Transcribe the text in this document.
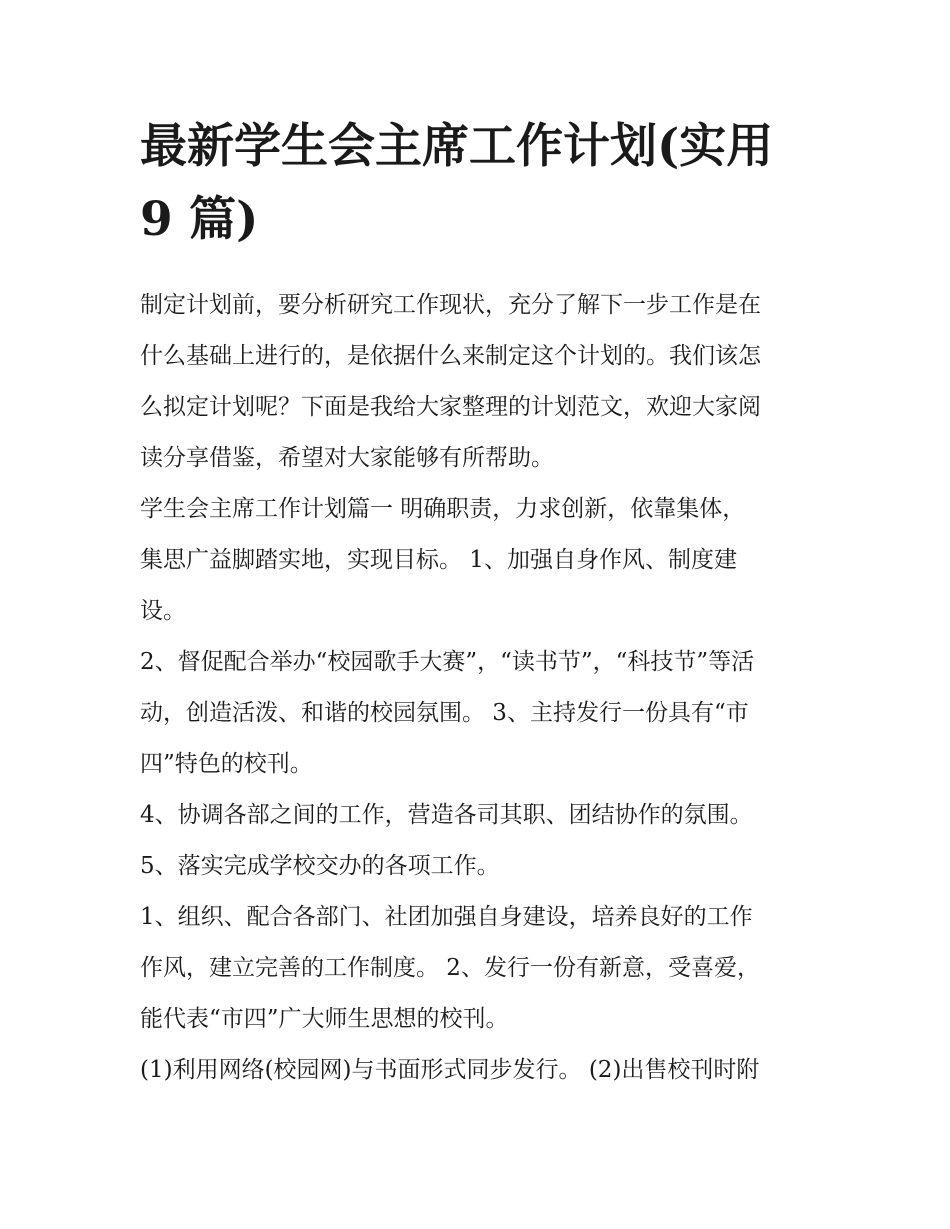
最新学生会主席工作计划(实用
9 篇)
制定计划前，要分析研究工作现状，充分了解下一步工作是在
什么基础上进行的，是依据什么来制定这个计划的。我们该怎
么拟定计划呢？下面是我给大家整理的计划范文，欢迎大家阅
读分享借鉴，希望对大家能够有所帮助。
学生会主席工作计划篇一 明确职责，力求创新，依靠集体，
集思广益脚踏实地，实现目标。 1、加强自身作风、制度建
设。
2、督促配合举办“校园歌手大赛”，“读书节”，“科技节”等活
动，创造活泼、和谐的校园氛围。 3、主持发行一份具有“市
四”特色的校刊。
4、协调各部之间的工作，营造各司其职、团结协作的氛围。
5、落实完成学校交办的各项工作。
1、组织、配合各部门、社团加强自身建设，培养良好的工作
作风，建立完善的工作制度。 2、发行一份有新意，受喜爱，
能代表“市四”广大师生思想的校刊。
(1)利用网络(校园网)与书面形式同步发行。 (2)出售校刊时附
